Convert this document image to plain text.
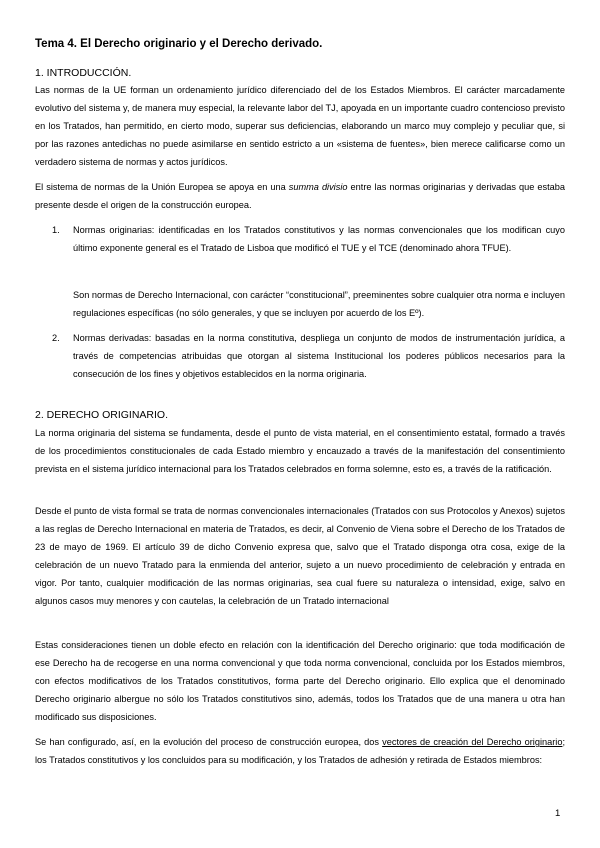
Tema 4. El Derecho originario y el Derecho derivado.
1. INTRODUCCIÓN.

Las normas de la UE forman un ordenamiento jurídico diferenciado del de los Estados Miembros. El carácter marcadamente evolutivo del sistema y, de manera muy especial, la relevante labor del TJ, apoyada en un importante cuadro contencioso previsto en los Tratados, han permitido, en cierto modo, superar sus deficiencias, elaborando un marco muy complejo y peculiar que, si por las razones antedichas no puede asimilarse en sentido estricto a un «sistema de fuentes», bien merece calificarse como un verdadero sistema de normas y actos jurídicos.

El sistema de normas de la Unión Europea se apoya en una summa divisio entre las normas originarias y derivadas que estaba presente desde el origen de la construcción europea.

1.	Normas originarias: identificadas en los Tratados constitutivos y las normas convencionales que los modifican cuyo último exponente general es el Tratado de Lisboa que modificó el TUE y el TCE (denominado ahora TFUE).

Son normas de Derecho Internacional, con carácter “constitucional”, preeminentes sobre cualquier otra norma e incluyen regulaciones específicas (no sólo generales, y que se incluyen por acuerdo de los Eº).

2.	Normas derivadas: basadas en la norma constitutiva, despliega un conjunto de modos de instrumentación jurídica, a través de competencias atribuidas que otorgan al sistema Institucional los poderes públicos necesarios para la consecución de los fines y objetivos establecidos en la norma originaria.
2. DERECHO ORIGINARIO.

La norma originaria del sistema se fundamenta, desde el punto de vista material, en el consentimiento estatal, formado a través de los procedimientos constitucionales de cada Estado miembro y encauzado a través de la manifestación del consentimiento prevista en el sistema jurídico internacional para los Tratados celebrados en forma solemne, esto es, a través de la ratificación.

Desde el punto de vista formal se trata de normas convencionales internacionales (Tratados con sus Protocolos y Anexos) sujetos a las reglas de Derecho Internacional en materia de Tratados, es decir, al Convenio de Viena sobre el Derecho de los Tratados de 23 de mayo de 1969. El artículo 39 de dicho Convenio expresa que, salvo que el Tratado disponga otra cosa, exige de la celebración de un nuevo Tratado para la enmienda del anterior, sujeto a un nuevo procedimiento de celebración y entrada en vigor. Por tanto, cualquier modificación de las normas originarias, sea cual fuere su naturaleza o intensidad, exige, salvo en algunos casos muy menores y con cautelas, la celebración de un Tratado internacional

Estas consideraciones tienen un doble efecto en relación con la identificación del Derecho originario: que toda modificación de ese Derecho ha de recogerse en una norma convencional y que toda norma convencional, concluida por los Estados miembros, con efectos modificativos de los Tratados constitutivos, forma parte del Derecho originario. Ello explica que el denominado Derecho originario albergue no sólo los Tratados constitutivos sino, además, todos los Tratados que de una manera u otra han modificado sus disposiciones.

Se han configurado, así, en la evolución del proceso de construcción europea, dos vectores de creación del Derecho originario; los Tratados constitutivos y los concluidos para su modificación, y los Tratados de adhesión y retirada de Estados miembros:

1
